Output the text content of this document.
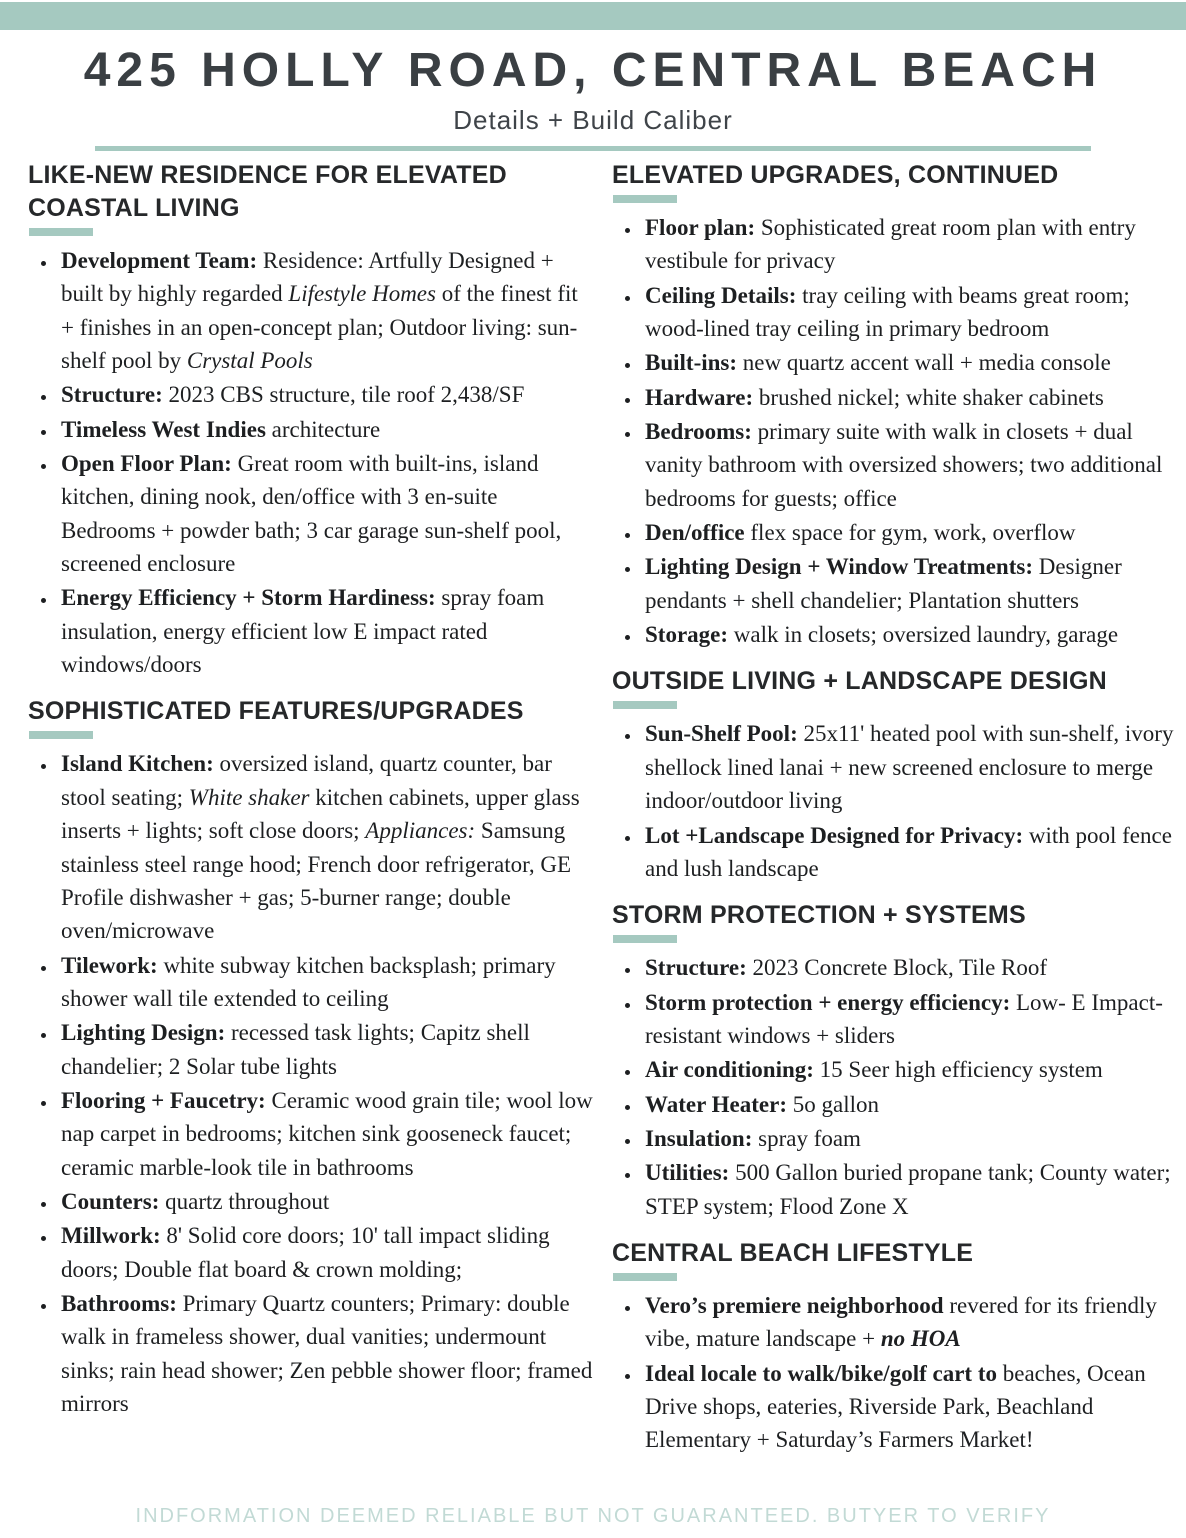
425 HOLLY ROAD, CENTRAL BEACH
Details + Build Caliber
LIKE-NEW RESIDENCE FOR ELEVATED COASTAL LIVING
• Development Team: Residence: Artfully Designed + built by highly regarded Lifestyle Homes of the finest fit + finishes in an open-concept plan; Outdoor living: sun-shelf pool by Crystal Pools
• Structure: 2023 CBS structure, tile roof 2,438/SF
• Timeless West Indies architecture
• Open Floor Plan: Great room with built-ins, island kitchen, dining nook, den/office with 3 en-suite Bedrooms + powder bath; 3 car garage sun-shelf pool, screened enclosure
• Energy Efficiency + Storm Hardiness: spray foam insulation, energy efficient low E impact rated windows/doors
SOPHISTICATED FEATURES/UPGRADES
• Island Kitchen: oversized island, quartz counter, bar stool seating; White shaker kitchen cabinets, upper glass inserts + lights; soft close doors; Appliances: Samsung stainless steel range hood; French door refrigerator, GE Profile dishwasher + gas; 5-burner range; double oven/microwave
• Tilework: white subway kitchen backsplash; primary shower wall tile extended to ceiling
• Lighting Design: recessed task lights; Capitz shell chandelier; 2 Solar tube lights
• Flooring + Faucetry: Ceramic wood grain tile; wool low nap carpet in bedrooms; kitchen sink gooseneck faucet; ceramic marble-look tile in bathrooms
• Counters: quartz throughout
• Millwork: 8' Solid core doors; 10' tall impact sliding doors; Double flat board & crown molding;
• Bathrooms: Primary Quartz counters; Primary: double walk in frameless shower, dual vanities; undermount sinks; rain head shower; Zen pebble shower floor; framed mirrors
ELEVATED UPGRADES, CONTINUED
• Floor plan: Sophisticated great room plan with entry vestibule for privacy
• Ceiling Details: tray ceiling with beams great room; wood-lined tray ceiling in primary bedroom
• Built-ins: new quartz accent wall + media console
• Hardware: brushed nickel; white shaker cabinets
• Bedrooms: primary suite with walk in closets + dual vanity bathroom with oversized showers; two additional bedrooms for guests; office
• Den/office flex space for gym, work, overflow
• Lighting Design + Window Treatments: Designer pendants + shell chandelier; Plantation shutters
• Storage: walk in closets; oversized laundry, garage
OUTSIDE LIVING + LANDSCAPE DESIGN
• Sun-Shelf Pool: 25x11' heated pool with sun-shelf, ivory shellock lined lanai + new screened enclosure to merge indoor/outdoor living
• Lot +Landscape Designed for Privacy: with pool fence and lush landscape
STORM PROTECTION + SYSTEMS
• Structure: 2023 Concrete Block, Tile Roof
• Storm protection + energy efficiency: Low- E Impact-resistant windows + sliders
• Air conditioning: 15 Seer high efficiency system
• Water Heater: 5o gallon
• Insulation: spray foam
• Utilities: 500 Gallon buried propane tank; County water; STEP system; Flood Zone X
CENTRAL BEACH LIFESTYLE
• Vero’s premiere neighborhood revered for its friendly vibe, mature landscape + no HOA
• Ideal locale to walk/bike/golf cart to beaches, Ocean Drive shops, eateries, Riverside Park, Beachland Elementary + Saturday’s Farmers Market!
INDFORMATION DEEMED RELIABLE BUT NOT GUARANTEED. BUTYER TO VERIFY
